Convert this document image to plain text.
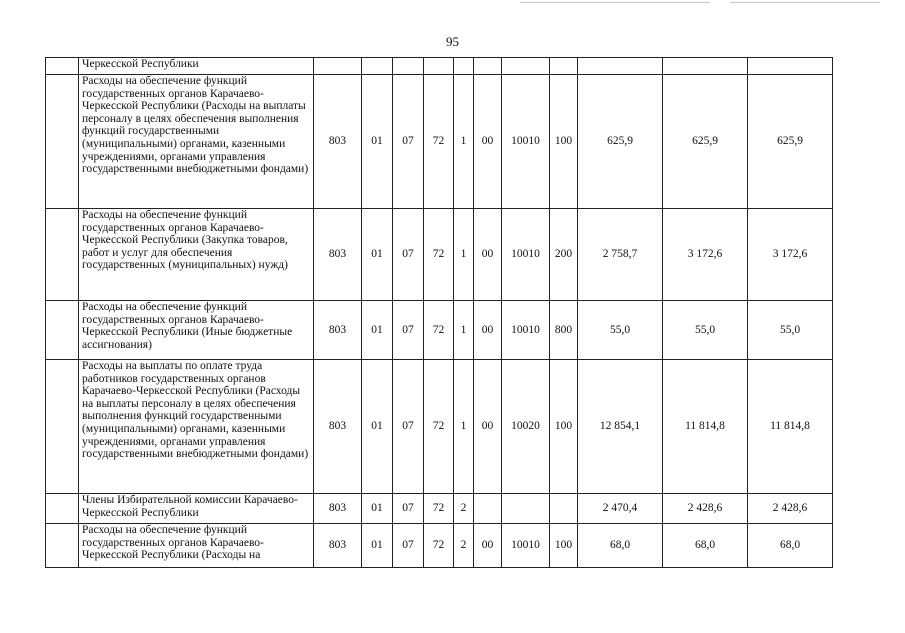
95
	Черкесской Республики											
	Расходы на обеспечение функций государственных органов Карачаево-Черкесской Республики (Расходы на выплаты персоналу в целях обеспечения выполнения функций государственными (муниципальными) органами, казенными учреждениями, органами управления государственными внебюджетными фондами)	803	01	07	72	1	00	10010	100	625,9	625,9	625,9
	Расходы на обеспечение функций государственных органов Карачаево-Черкесской Республики (Закупка товаров, работ и услуг для обеспечения государственных (муниципальных) нужд)	803	01	07	72	1	00	10010	200	2 758,7	3 172,6	3 172,6
	Расходы на обеспечение функций государственных органов Карачаево-Черкесской Республики (Иные бюджетные ассигнования)	803	01	07	72	1	00	10010	800	55,0	55,0	55,0
	Расходы на выплаты по оплате труда работников государственных органов Карачаево-Черкесской Республики (Расходы на выплаты персоналу в целях обеспечения выполнения функций государственными (муниципальными) органами, казенными учреждениями, органами управления государственными внебюджетными фондами)	803	01	07	72	1	00	10020	100	12 854,1	11 814,8	11 814,8
	Члены Избирательной комиссии Карачаево-Черкесской Республики	803	01	07	72	2				2 470,4	2 428,6	2 428,6
	Расходы на обеспечение функций государственных органов Карачаево-Черкесской Республики (Расходы на	803	01	07	72	2	00	10010	100	68,0	68,0	68,0
